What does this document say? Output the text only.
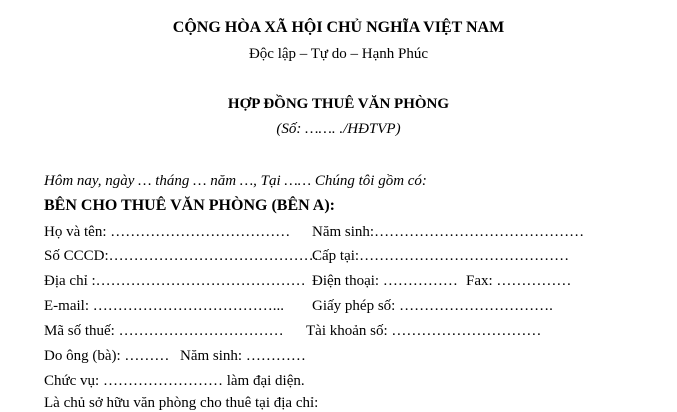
CỘNG HÒA XÃ HỘI CHỦ NGHĨA VIỆT NAM
Độc lập – Tự do – Hạnh Phúc
HỢP ĐỒNG THUÊ VĂN PHÒNG
(Số: ……. ./HĐTVP)
Hôm nay, ngày … tháng … năm …, Tại …… Chúng tôi gồm có:
BÊN CHO THUÊ VĂN PHÒNG (BÊN A):
Họ và tên: ……………………………… Năm sinh:……………………………………
Số CCCD:……………………………………
Cấp tại:……………………………………
Địa chỉ :…………………………………… Điện thoại: …………… Fax: ……………
E-mail: ………………………………... Giấy phép số: ………………………….
Mã số thuế: …………………………… Tài khoản số: …………………………
Do ông (bà): ……… Năm sinh: …………
Chức vụ: …………………… làm đại diện.
Là chủ sở hữu văn phòng cho thuê tại địa chỉ:
